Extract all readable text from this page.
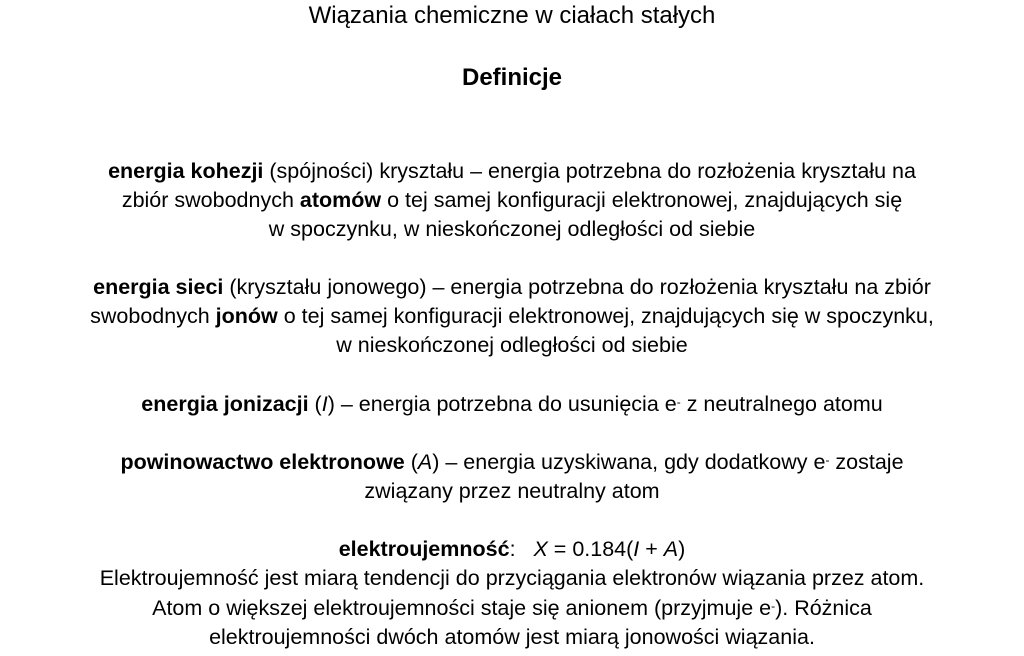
Wiązania chemiczne w ciałach stałych
Definicje
energia kohezji (spójności) kryształu – energia potrzebna do rozłożenia kryształu na
zbiór swobodnych atomów o tej samej konfiguracji elektronowej, znajdujących się
w spoczynku, w nieskończonej odległości od siebie
energia sieci (kryształu jonowego) – energia potrzebna do rozłożenia kryształu na zbiór
swobodnych jonów o tej samej konfiguracji elektronowej, znajdujących się w spoczynku,
w nieskończonej odległości od siebie
energia jonizacji (I) – energia potrzebna do usunięcia e- z neutralnego atomu
powinowactwo elektronowe (A) – energia uzyskiwana, gdy dodatkowy e- zostaje
związany przez neutralny atom
elektroujemność:   X = 0.184(I + A)
Elektroujemność jest miarą tendencji do przyciągania elektronów wiązania przez atom.
Atom o większej elektroujemności staje się anionem (przyjmuje e-). Różnica
elektroujemności dwóch atomów jest miarą jonowości wiązania.
